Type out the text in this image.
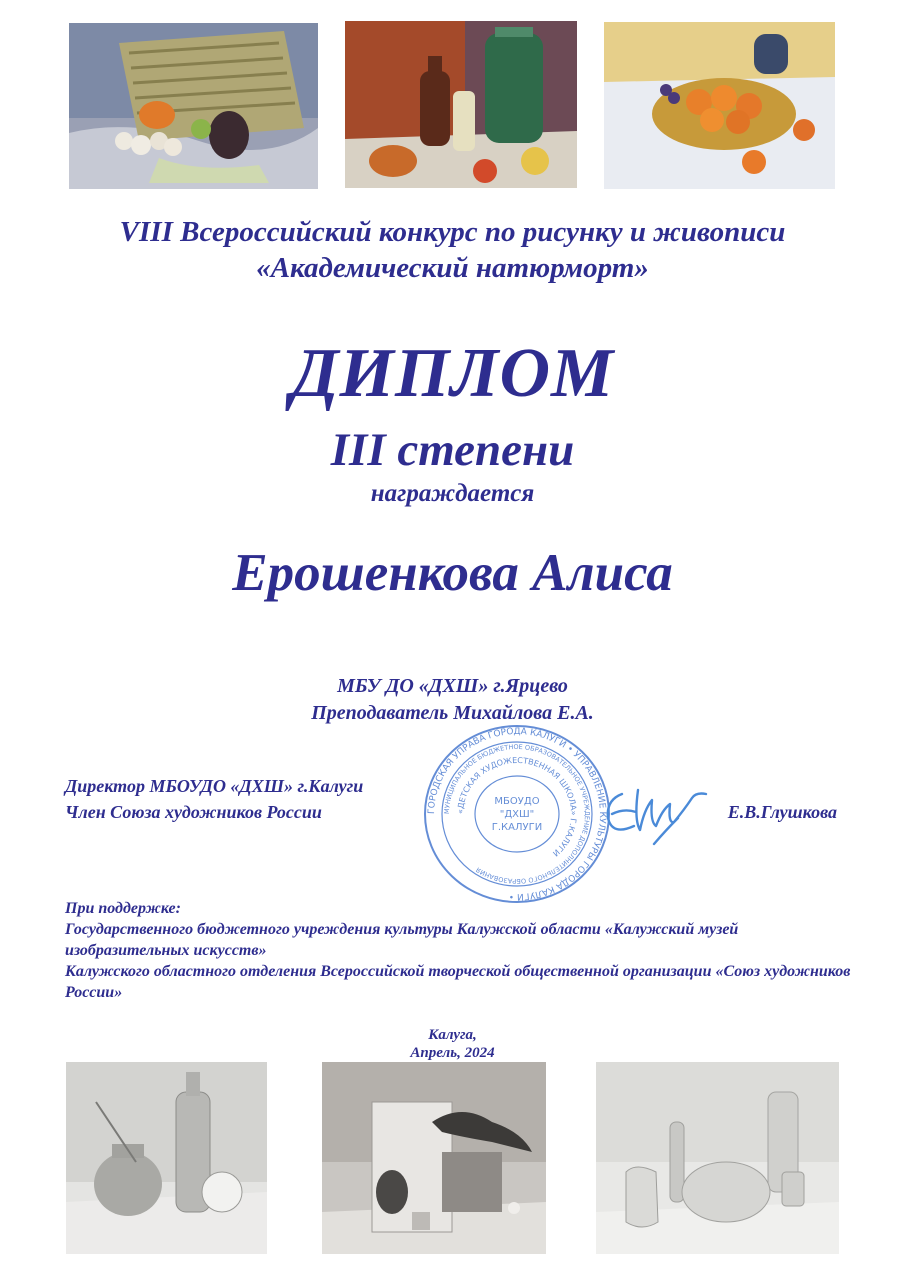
VIII Всероссийский конкурс по рисунку и живописи
«Академический натюрморт»
ДИПЛОМ
III степени
награждается
Ерошенкова Алиса
МБУ ДО «ДХШ» г.Ярцево
Преподаватель Михайлова Е.А.
Директор МБОУДО «ДХШ» г.Калуги
Член Союза художников России	Е.В.Глушкова
ГОРОДСКАЯ УПРАВА ГОРОДА КАЛУГИ • УПРАВЛЕНИЕ КУЛЬТУРЫ ГОРОДА КАЛУГИ •
МУНИЦИПАЛЬНОЕ БЮДЖЕТНОЕ ОБРАЗОВАТЕЛЬНОЕ УЧРЕЖДЕНИЕ ДОПОЛНИТЕЛЬНОГО ОБРАЗОВАНИЯ
«ДЕТСКАЯ ХУДОЖЕСТВЕННАЯ ШКОЛА» Г.КАЛУГИ
МБОУДО
"ДХШ"
Г.КАЛУГИ
При поддержке:
Государственного бюджетного учреждения культуры Калужской области «Калужский музей изобразительных искусств»
Калужского областного отделения Всероссийской творческой общественной организации «Союз художников России»
Калуга,
Апрель, 2024
